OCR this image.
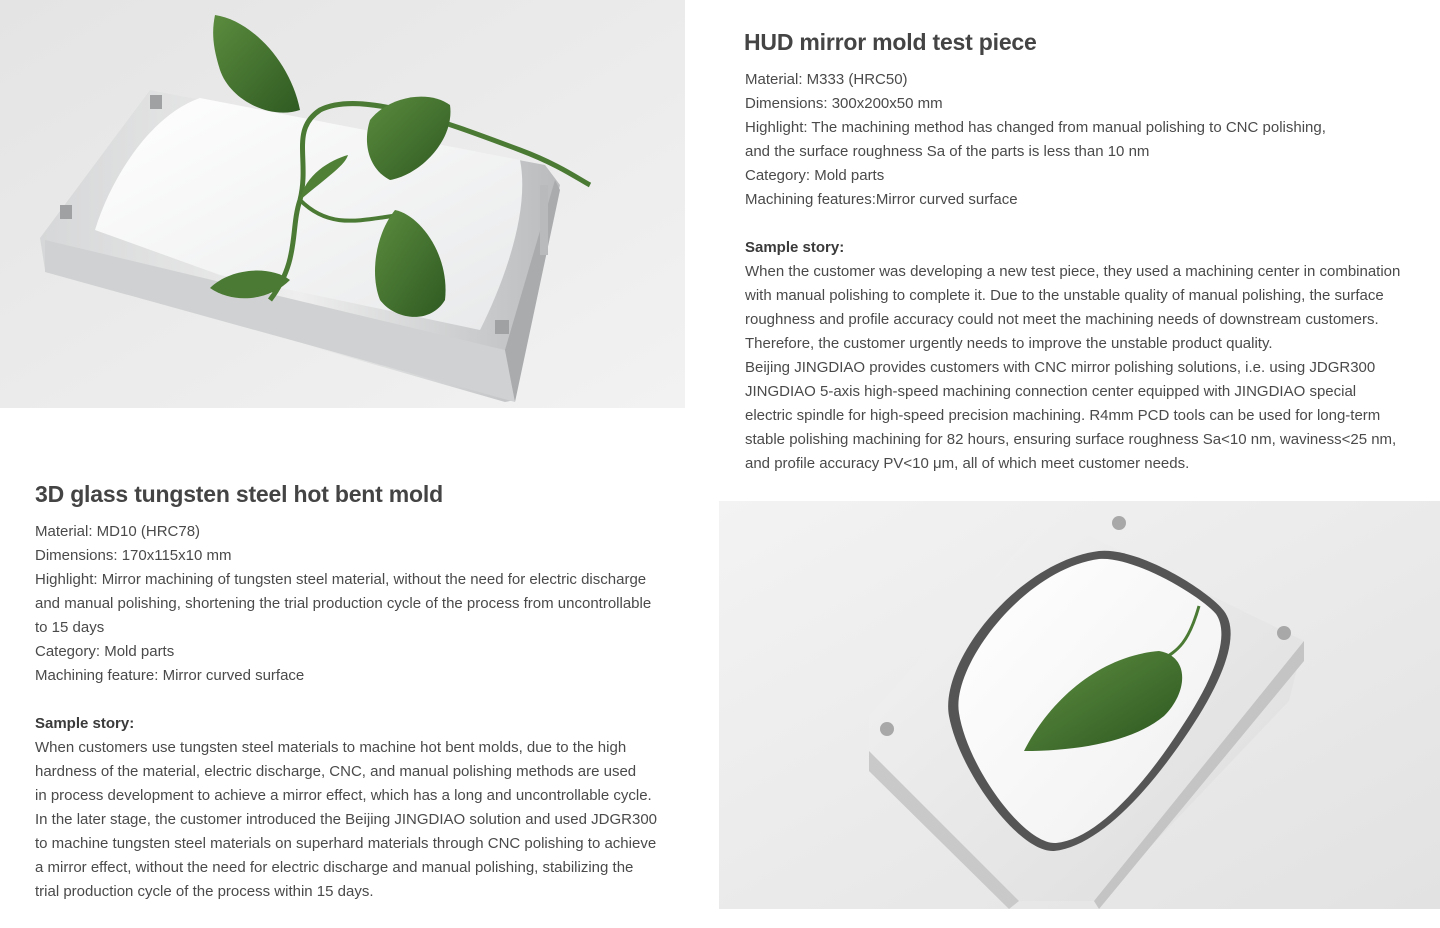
HUD mirror mold test piece

Material: M333 (HRC50)

Dimensions: 300x200x50 mm

Highlight: The machining method has changed from manual polishing to CNC polishing,

and the surface roughness Sa of the parts is less than 10 nm

Category: Mold parts

Machining features:Mirror curved surface

Sample story:

When the customer was developing a new test piece, they used a machining center in combination

with manual polishing to complete it. Due to the unstable quality of manual polishing, the surface

roughness and profile accuracy could not meet the machining needs of downstream customers.

Therefore, the customer urgently needs to improve the unstable product quality.

Beijing JINGDIAO provides customers with CNC mirror polishing solutions, i.e. using JDGR300

JINGDIAO 5-axis high-speed machining connection center equipped with JINGDIAO special

electric spindle for high-speed precision machining. R4mm PCD tools can be used for long-term

stable polishing machining for 82 hours, ensuring surface roughness Sa<10 nm, waviness<25 nm,

and profile accuracy PV<10 μm, all of which meet customer needs.

3D glass tungsten steel hot bent mold

Material: MD10 (HRC78)

Dimensions: 170x115x10 mm

Highlight: Mirror machining of tungsten steel material, without the need for electric discharge

and manual polishing, shortening the trial production cycle of the process from uncontrollable

to 15 days

Category: Mold parts

Machining feature: Mirror curved surface

Sample story:

When customers use tungsten steel materials to machine hot bent molds, due to the high

hardness of the material, electric discharge, CNC, and manual polishing methods are used

in process development to achieve a mirror effect, which has a long and uncontrollable cycle.

In the later stage, the customer introduced the Beijing JINGDIAO solution and used JDGR300

to machine tungsten steel materials on superhard materials through CNC polishing to achieve

a mirror effect, without the need for electric discharge and manual polishing, stabilizing the

trial production cycle of the process within 15 days.
